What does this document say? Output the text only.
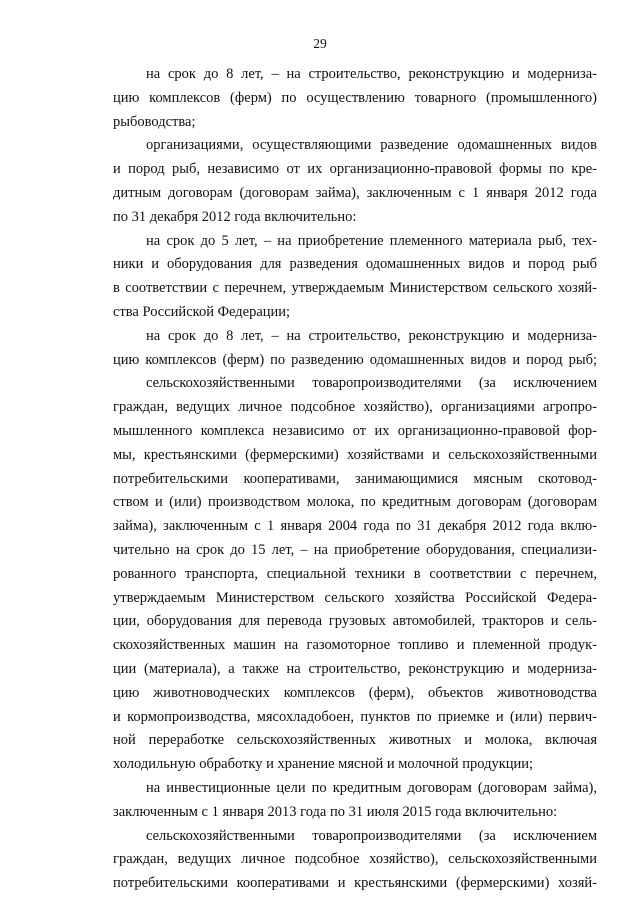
29
на срок до 8 лет, – на строительство, реконструкцию и модерниза-
цию комплексов (ферм) по осуществлению товарного (промышленного)
рыбоводства;
организациями, осуществляющими разведение одомашненных видов
и пород рыб, независимо от их организационно-правовой формы по кре-
дитным договорам (договорам займа), заключенным с 1 января 2012 года
по 31 декабря 2012 года включительно:
на срок до 5 лет, – на приобретение племенного материала рыб, тех-
ники и оборудования для разведения одомашненных видов и пород рыб
в соответствии с перечнем, утверждаемым Министерством сельского хозяй-
ства Российской Федерации;
на срок до 8 лет, – на строительство, реконструкцию и модерниза-
цию комплексов (ферм) по разведению одомашненных видов и пород рыб;
сельскохозяйственными товаропроизводителями (за исключением
граждан, ведущих личное подсобное хозяйство), организациями агропро-
мышленного комплекса независимо от их организационно-правовой фор-
мы, крестьянскими (фермерскими) хозяйствами и сельскохозяйственными
потребительскими кооперативами, занимающимися мясным скотовод-
ством и (или) производством молока, по кредитным договорам (договорам
займа), заключенным с 1 января 2004 года по 31 декабря 2012 года вклю-
чительно на срок до 15 лет, – на приобретение оборудования, специализи-
рованного транспорта, специальной техники в соответствии с перечнем,
утверждаемым Министерством сельского хозяйства Российской Федера-
ции, оборудования для перевода грузовых автомобилей, тракторов и сель-
скохозяйственных машин на газомоторное топливо и племенной продук-
ции (материала), а также на строительство, реконструкцию и модерниза-
цию животноводческих комплексов (ферм), объектов животноводства
и кормопроизводства, мясохладобоен, пунктов по приемке и (или) первич-
ной переработке сельскохозяйственных животных и молока, включая
холодильную обработку и хранение мясной и молочной продукции;
на инвестиционные цели по кредитным договорам (договорам займа),
заключенным с 1 января 2013 года по 31 июля 2015 года включительно:
сельскохозяйственными товаропроизводителями (за исключением
граждан, ведущих личное подсобное хозяйство), сельскохозяйственными
потребительскими кооперативами и крестьянскими (фермерскими) хозяй-
